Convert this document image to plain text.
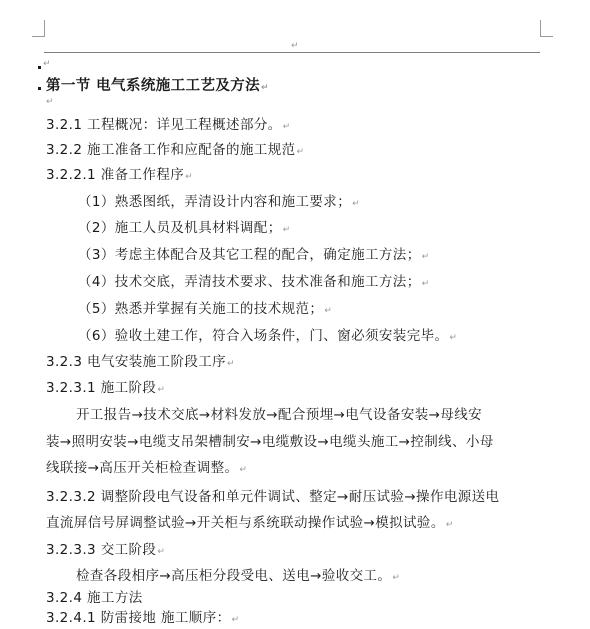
↵
↵
第一节 电气系统施工工艺及方法↵
↵
3.2.1 工程概况：详见工程概述部分。↵
3.2.2 施工准备工作和应配备的施工规范↵
3.2.2.1 准备工作程序↵
（1）熟悉图纸，弄清设计内容和施工要求；↵
（2）施工人员及机具材料调配；↵
（3）考虑主体配合及其它工程的配合，确定施工方法；↵
（4）技术交底，弄清技术要求、技术准备和施工方法；↵
（5）熟悉并掌握有关施工的技术规范；↵
（6）验收土建工作，符合入场条件，门、窗必须安装完毕。↵
3.2.3 电气安装施工阶段工序↵
3.2.3.1 施工阶段↵
开工报告→技术交底→材料发放→配合预埋→电气设备安装→母线安
装→照明安装→电缆支吊架槽制安→电缆敷设→电缆头施工→控制线、小母
线联接→高压开关柜检查调整。↵
3.2.3.2 调整阶段电气设备和单元件调试、整定→耐压试验→操作电源送电
直流屏信号屏调整试验→开关柜与系统联动操作试验→模拟试验。↵
3.2.3.3 交工阶段↵
检查各段相序→高压柜分段受电、送电→验收交工。↵
3.2.4 施工方法
3.2.4.1 防雷接地 施工顺序：↵
